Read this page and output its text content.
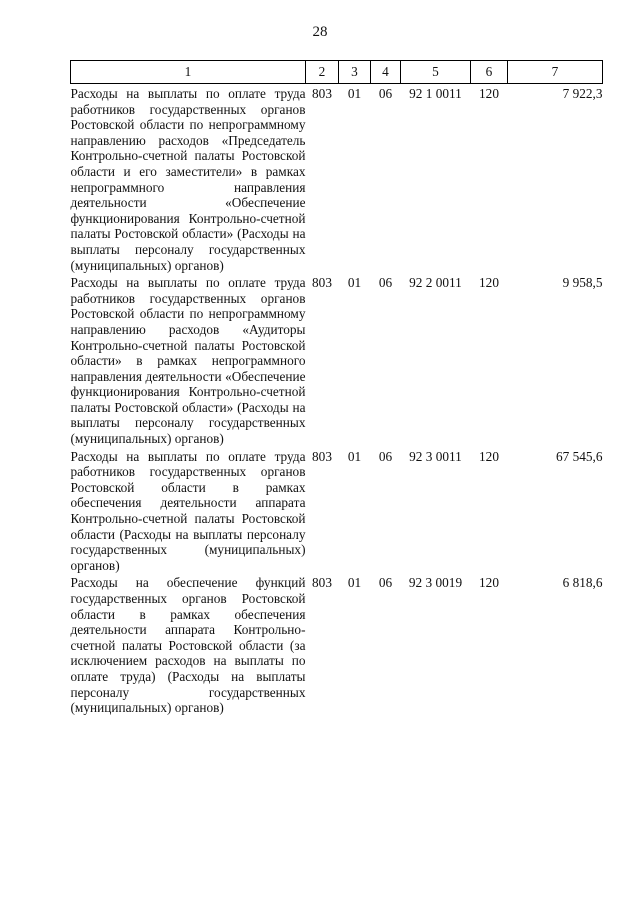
28
1	2	3	4	5	6	7
Расходы на выплаты по оплате труда работников государственных органов Ростовской области по непрограммному направлению расходов «Председатель Контрольно-счетной палаты Ростовской области и его заместители» в рамках непрограммного направления деятельности «Обеспечение функционирования Контрольно-счетной палаты Ростовской области» (Расходы на выплаты персоналу государственных (муниципальных) органов)	803	01	06	92 1 0011	120	7 922,3
Расходы на выплаты по оплате труда работников государственных органов Ростовской области по непрограммному направлению расходов «Аудиторы Контрольно-счетной палаты Ростовской области» в рамках непрограммного направления деятельности «Обеспечение функционирования Контрольно-счетной палаты Ростовской области» (Расходы на выплаты персоналу государственных (муниципальных) органов)	803	01	06	92 2 0011	120	9 958,5
Расходы на выплаты по оплате труда работников государственных органов Ростовской области в рамках обеспечения деятельности аппарата Контрольно-счетной палаты Ростовской области (Расходы на выплаты персоналу государственных (муниципальных) органов)	803	01	06	92 3 0011	120	67 545,6
Расходы на обеспечение функций государственных органов Ростовской области в рамках обеспечения деятельности аппарата Контрольно-счетной палаты Ростовской области (за исключением расходов на выплаты по оплате труда) (Расходы на выплаты персоналу государственных (муниципальных) органов)	803	01	06	92 3 0019	120	6 818,6
